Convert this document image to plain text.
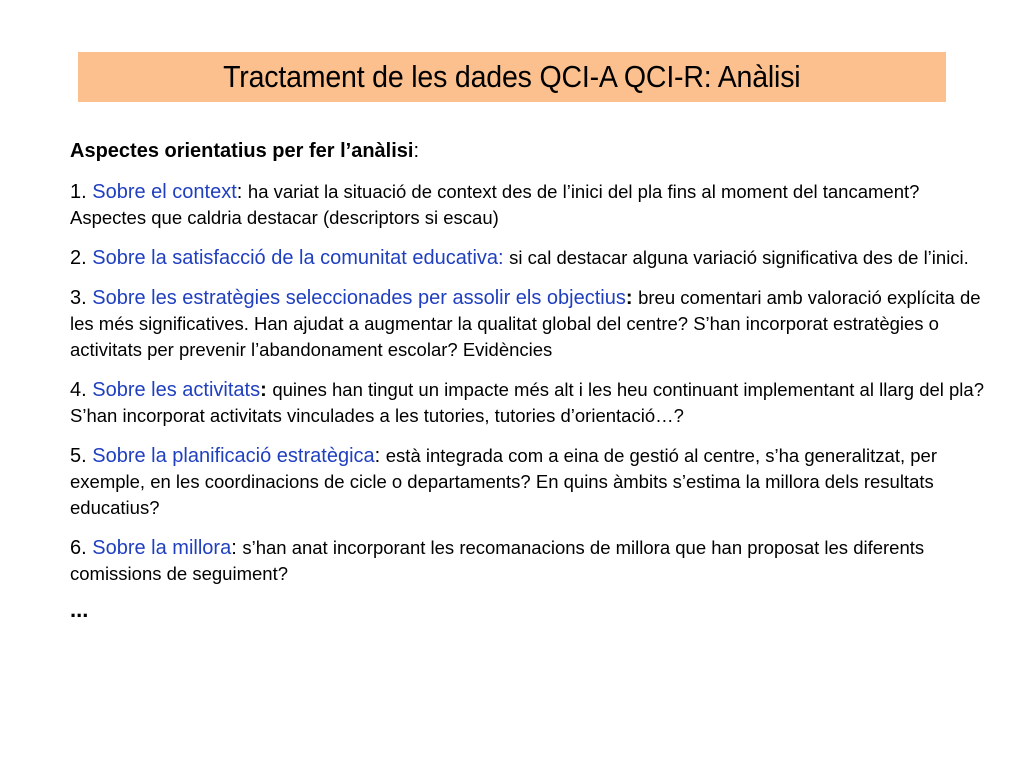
Tractament de les dades QCI-A QCI-R: Anàlisi

Aspectes orientatius per fer l’anàlisi:

1. Sobre el context: ha variat la situació de context des de l’inici del pla fins al moment del tancament? Aspectes que caldria destacar (descriptors si escau)

2. Sobre la satisfacció de la comunitat educativa: si cal destacar alguna variació significativa des de l’inici.

3. Sobre les estratègies seleccionades per assolir els objectius: breu comentari amb valoració explícita de les més significatives. Han ajudat a augmentar la qualitat global del centre? S’han incorporat estratègies o activitats per prevenir l’abandonament escolar? Evidències

4. Sobre les activitats: quines han tingut un impacte més alt i les heu continuant implementant al llarg del pla? S’han incorporat activitats vinculades a les tutories, tutories d’orientació…?

5. Sobre la planificació estratègica: està integrada com a eina de gestió al centre, s’ha generalitzat, per exemple, en les coordinacions de cicle o departaments? En quins àmbits s’estima la millora dels resultats educatius?

6. Sobre la millora: s’han anat incorporant les recomanacions de millora que han proposat les diferents comissions de seguiment?

...
